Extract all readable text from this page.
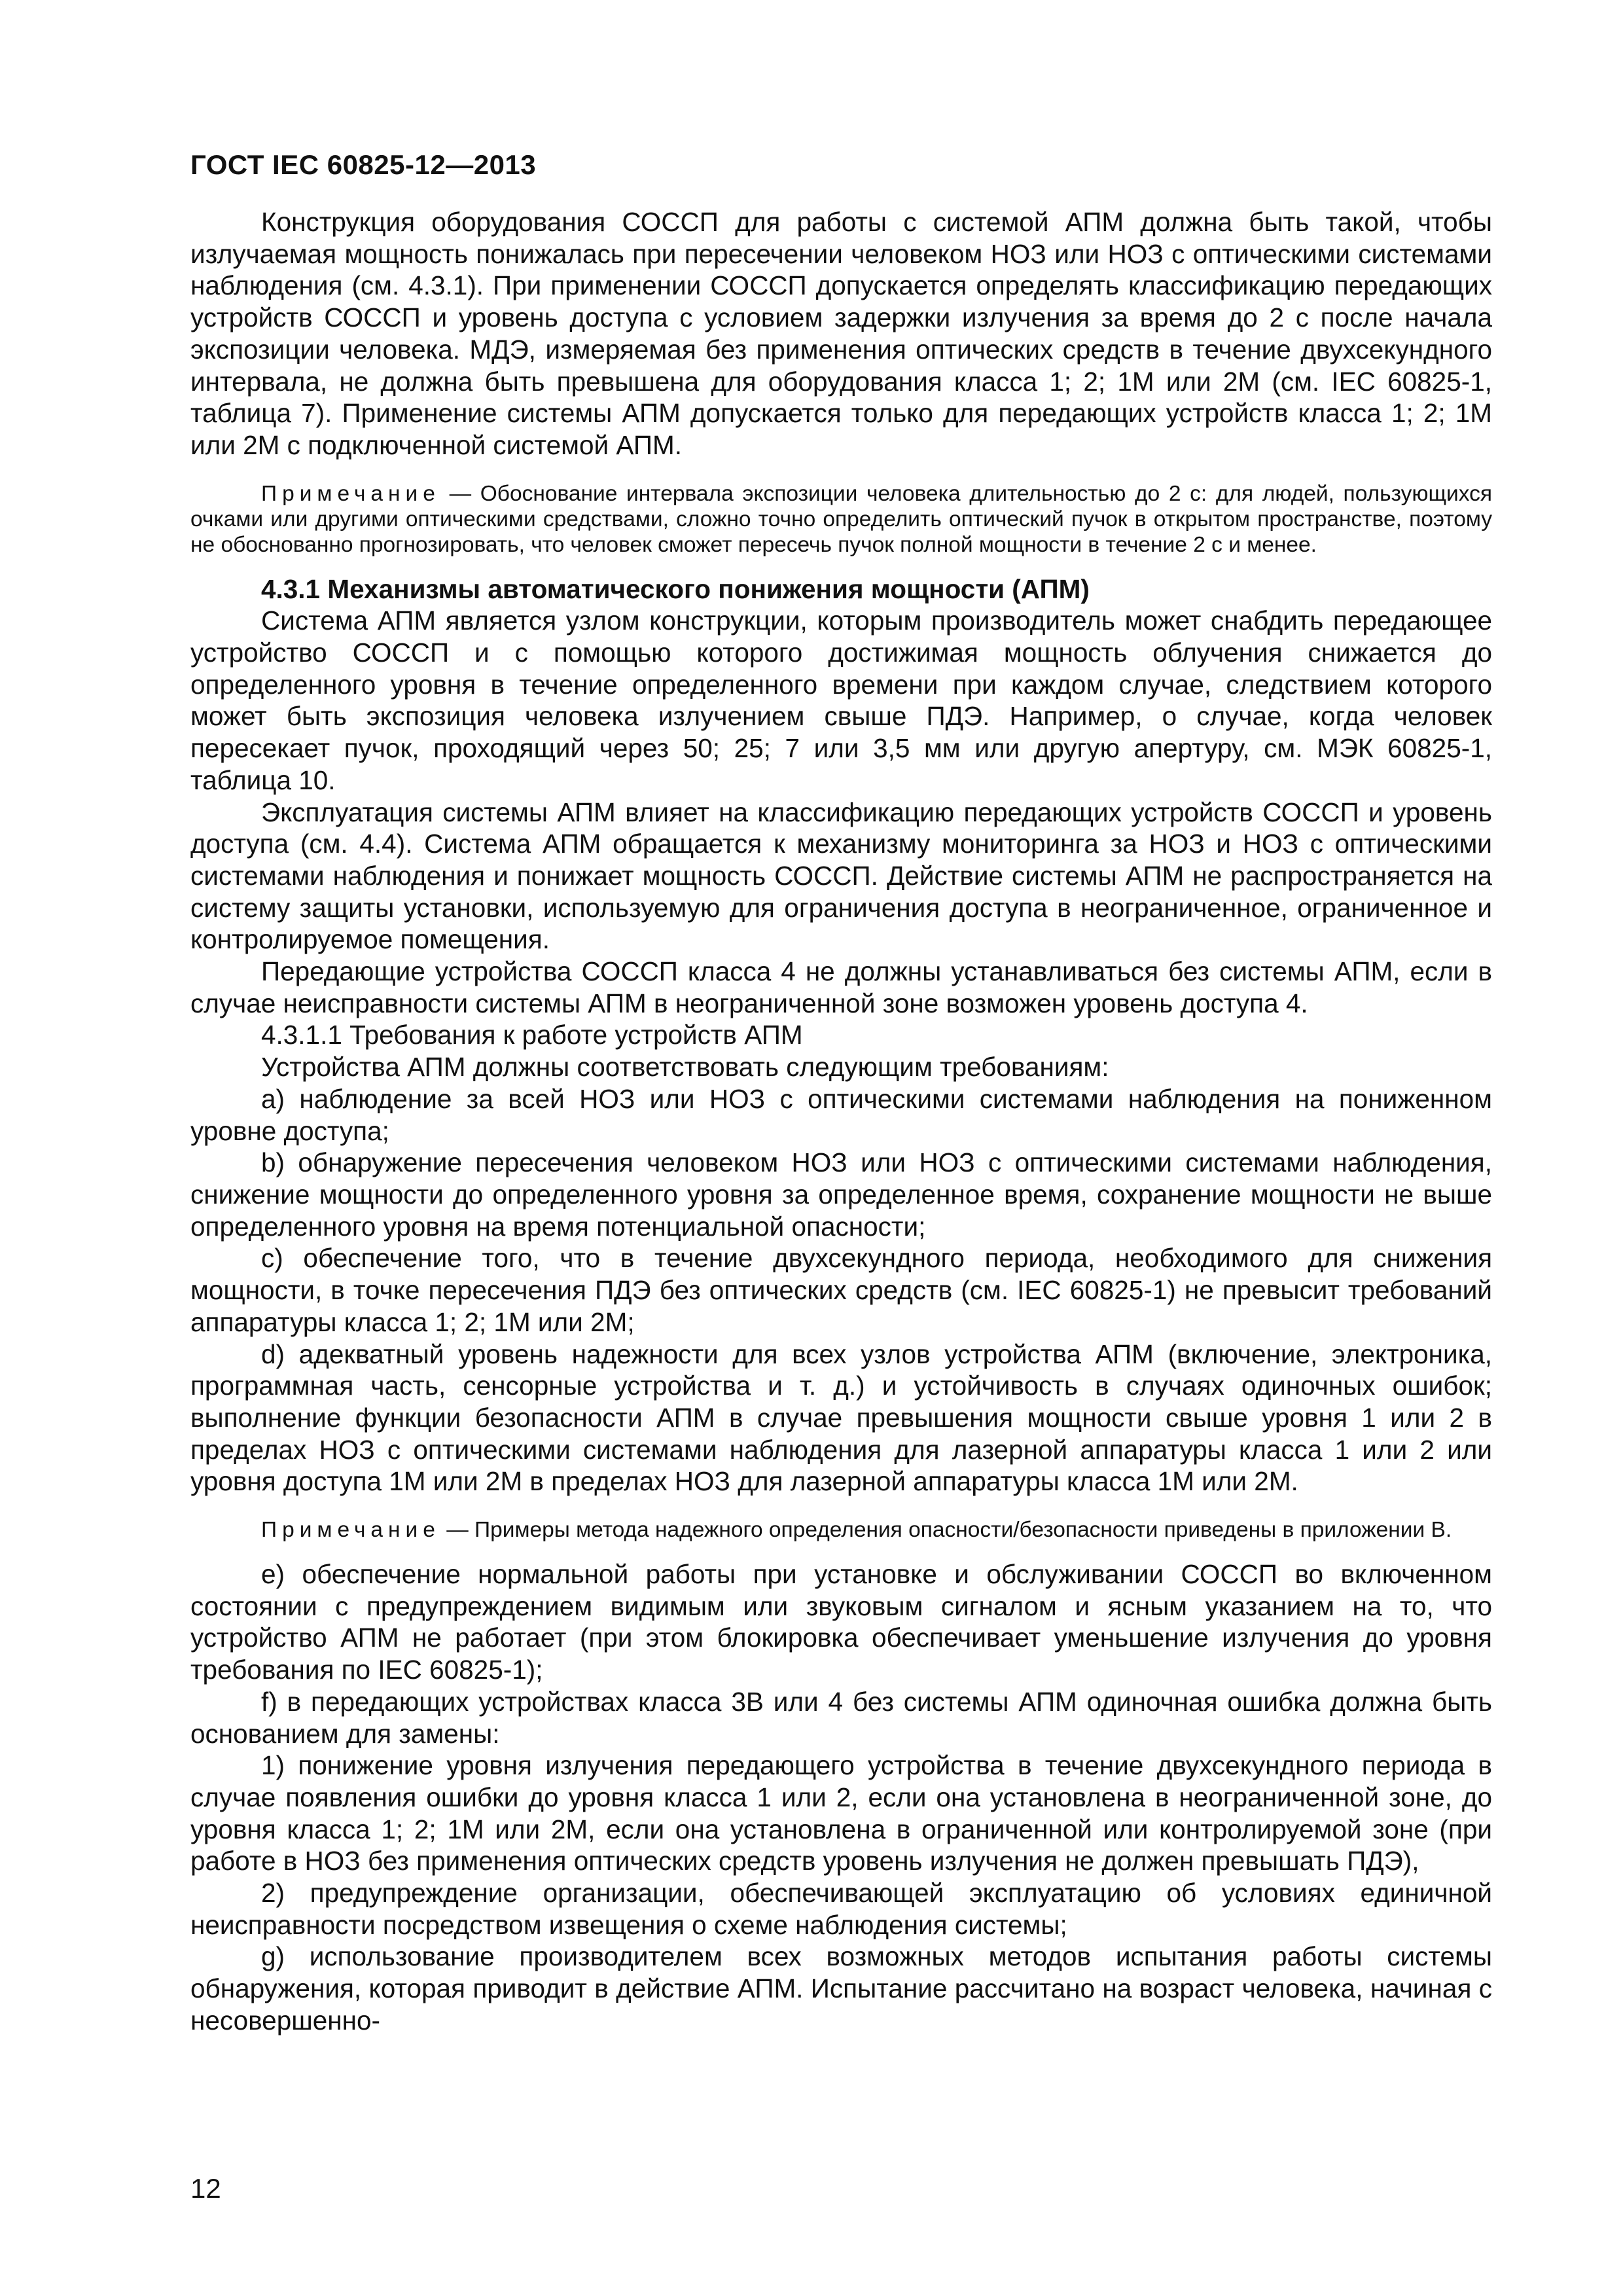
ГОСТ IEC 60825-12—2013

Конструкция оборудования СОССП для работы с системой АПМ должна быть такой, чтобы излучаемая мощность понижалась при пересечении человеком НОЗ или НОЗ с оптическими системами наблюдения (см. 4.3.1). При применении СОССП допускается определять классификацию передающих устройств СОССП и уровень доступа с условием задержки излучения за время до 2 с после начала экспозиции человека. МДЭ, измеряемая без применения оптических средств в течение двухсекундного интервала, не должна быть превышена для оборудования класса 1; 2; 1М или 2М (см. IEC 60825-1, таблица 7). Применение системы АПМ допускается только для передающих устройств класса 1; 2; 1М или 2М с подключенной системой АПМ.

Примечание — Обоснование интервала экспозиции человека длительностью до 2 с: для людей, пользующихся очками или другими оптическими средствами, сложно точно определить оптический пучок в открытом пространстве, поэтому не обоснованно прогнозировать, что человек сможет пересечь пучок полной мощности в течение 2 с и менее.

4.3.1 Механизмы автоматического понижения мощности (АПМ)

Система АПМ является узлом конструкции, которым производитель может снабдить передающее устройство СОССП и с помощью которого достижимая мощность облучения снижается до определенного уровня в течение определенного времени при каждом случае, следствием которого может быть экспозиция человека излучением свыше ПДЭ. Например, о случае, когда человек пересекает пучок, проходящий через 50; 25; 7 или 3,5 мм или другую апертуру, см. МЭК 60825-1, таблица 10.

Эксплуатация системы АПМ влияет на классификацию передающих устройств СОССП и уровень доступа (см. 4.4). Система АПМ обращается к механизму мониторинга за НОЗ и НОЗ с оптическими системами наблюдения и понижает мощность СОССП. Действие системы АПМ не распространяется на систему защиты установки, используемую для ограничения доступа в неограниченное, ограниченное и контролируемое помещения.

Передающие устройства СОССП класса 4 не должны устанавливаться без системы АПМ, если в случае неисправности системы АПМ в неограниченной зоне возможен уровень доступа 4.

4.3.1.1 Требования к работе устройств АПМ

Устройства АПМ должны соответствовать следующим требованиям:

a) наблюдение за всей НОЗ или НОЗ с оптическими системами наблюдения на пониженном уровне доступа;

b) обнаружение пересечения человеком НОЗ или НОЗ с оптическими системами наблюдения, снижение мощности до определенного уровня за определенное время, сохранение мощности не выше определенного уровня на время потенциальной опасности;

c) обеспечение того, что в течение двухсекундного периода, необходимого для снижения мощности, в точке пересечения ПДЭ без оптических средств (см. IEC 60825-1) не превысит требований аппаратуры класса 1; 2; 1М или 2М;

d) адекватный уровень надежности для всех узлов устройства АПМ (включение, электроника, программная часть, сенсорные устройства и т. д.) и устойчивость в случаях одиночных ошибок; выполнение функции безопасности АПМ в случае превышения мощности свыше уровня 1 или 2 в пределах НОЗ с оптическими системами наблюдения для лазерной аппаратуры класса 1 или 2 или уровня доступа 1М или 2М в пределах НОЗ для лазерной аппаратуры класса 1М или 2М.

Примечание — Примеры метода надежного определения опасности/безопасности приведены в приложении В.

e) обеспечение нормальной работы при установке и обслуживании СОССП во включенном состоянии с предупреждением видимым или звуковым сигналом и ясным указанием на то, что устройство АПМ не работает (при этом блокировка обеспечивает уменьшение излучения до уровня требования по IEC 60825-1);

f) в передающих устройствах класса 3В или 4 без системы АПМ одиночная ошибка должна быть основанием для замены:

1) понижение уровня излучения передающего устройства в течение двухсекундного периода в случае появления ошибки до уровня класса 1 или 2, если она установлена в неограниченной зоне, до уровня класса 1; 2; 1М или 2М, если она установлена в ограниченной или контролируемой зоне (при работе в НОЗ без применения оптических средств уровень излучения не должен превышать ПДЭ),

2) предупреждение организации, обеспечивающей эксплуатацию об условиях единичной неисправности посредством извещения о схеме наблюдения системы;

g) использование производителем всех возможных методов испытания работы системы обнаружения, которая приводит в действие АПМ. Испытание рассчитано на возраст человека, начиная с несовершенно-

12
